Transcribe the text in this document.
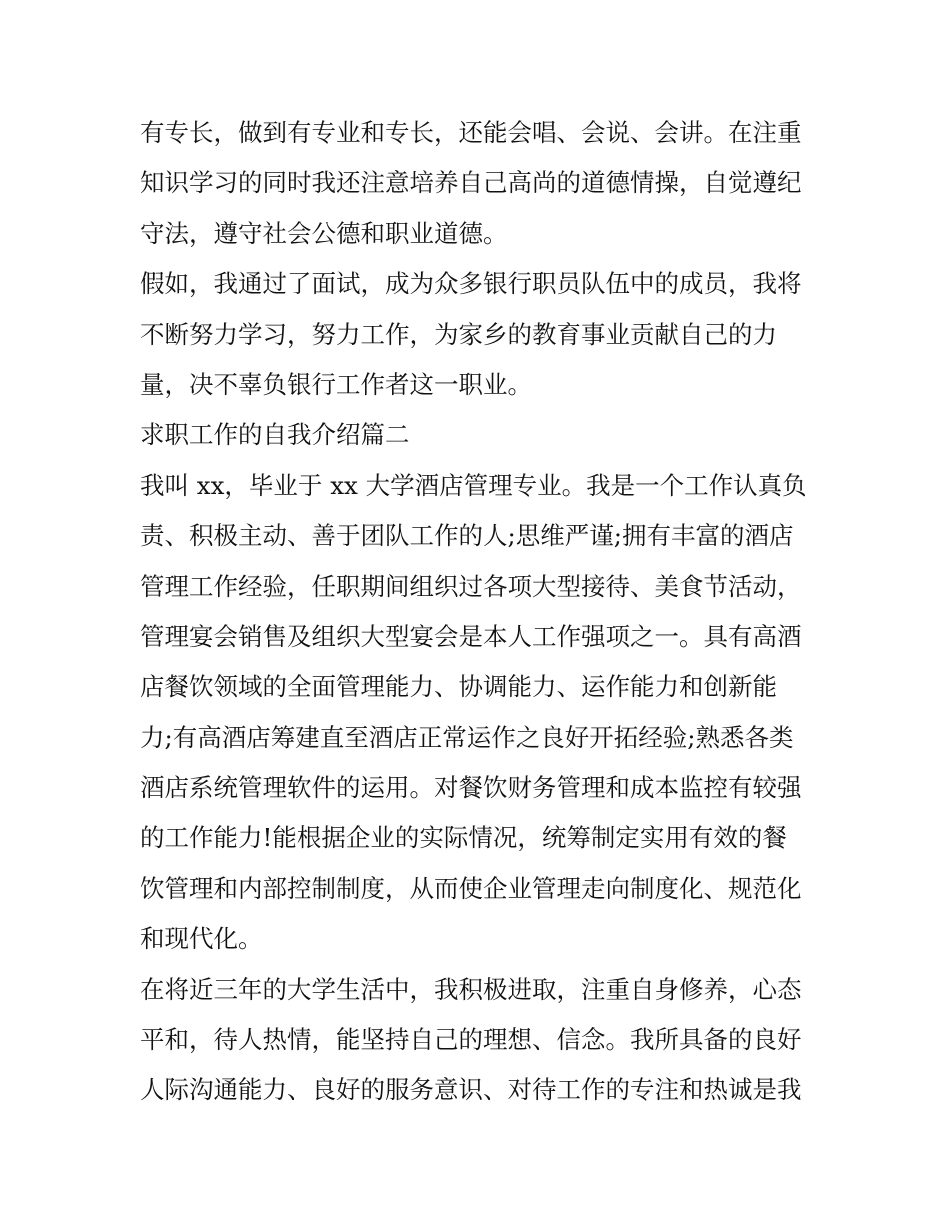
有专长，做到有专业和专长，还能会唱、会说、会讲。在注重
知识学习的同时我还注意培养自己高尚的道德情操，自觉遵纪
守法，遵守社会公德和职业道德。
假如，我通过了面试，成为众多银行职员队伍中的成员，我将
不断努力学习，努力工作，为家乡的教育事业贡献自己的力
量，决不辜负银行工作者这一职业。
求职工作的自我介绍篇二
我叫 xx，毕业于 xx 大学酒店管理专业。我是一个工作认真负
责、积极主动、善于团队工作的人;思维严谨;拥有丰富的酒店
管理工作经验，任职期间组织过各项大型接待、美食节活动，
管理宴会销售及组织大型宴会是本人工作强项之一。具有高酒
店餐饮领域的全面管理能力、协调能力、运作能力和创新能
力;有高酒店筹建直至酒店正常运作之良好开拓经验;熟悉各类
酒店系统管理软件的运用。对餐饮财务管理和成本监控有较强
的工作能力!能根据企业的实际情况，统筹制定实用有效的餐
饮管理和内部控制制度，从而使企业管理走向制度化、规范化
和现代化。
在将近三年的大学生活中，我积极进取，注重自身修养，心态
平和，待人热情，能坚持自己的理想、信念。我所具备的良好
人际沟通能力、良好的服务意识、对待工作的专注和热诚是我
